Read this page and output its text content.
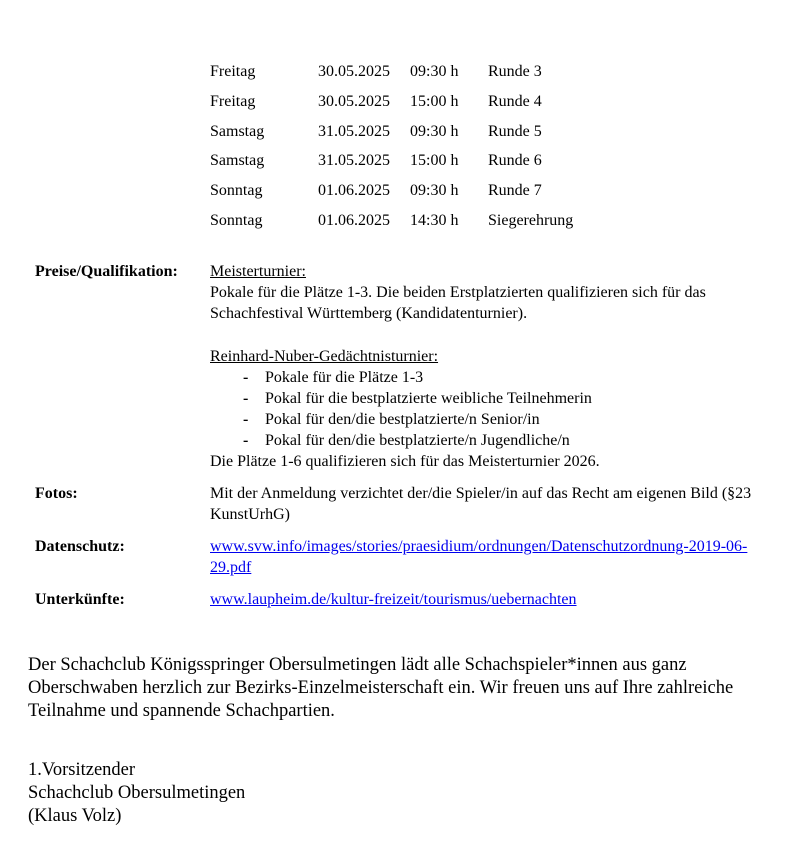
Freitag	30.05.2025	09:30 h	Runde 3
Freitag	30.05.2025	15:00 h	Runde 4
Samstag	31.05.2025	09:30 h	Runde 5
Samstag	31.05.2025	15:00 h	Runde 6
Sonntag	01.06.2025	09:30 h	Runde 7
Sonntag	01.06.2025	14:30 h	Siegerehrung
Preise/Qualifikation:	Meisterturnier:
Pokale für die Plätze 1-3. Die beiden Erstplatzierten qualifizieren sich für das Schachfestival Württemberg (Kandidatenturnier).
Reinhard-Nuber-Gedächtnisturnier:
-	Pokale für die Plätze 1-3
-	Pokal für die bestplatzierte weibliche Teilnehmerin
-	Pokal für den/die bestplatzierte/n Senior/in
-	Pokal für den/die bestplatzierte/n Jugendliche/n
Die Plätze 1-6 qualifizieren sich für das Meisterturnier 2026.
Fotos:	Mit der Anmeldung verzichtet der/die Spieler/in auf das Recht am eigenen Bild (§23 KunstUrhG)
Datenschutz:	www.svw.info/images/stories/praesidium/ordnungen/Datenschutzordnung-2019-06-29.pdf
Unterkünfte:	www.laupheim.de/kultur-freizeit/tourismus/uebernachten

Der Schachclub Königsspringer Obersulmetingen lädt alle Schachspieler*innen aus ganz Oberschwaben herzlich zur Bezirks-Einzelmeisterschaft ein. Wir freuen uns auf Ihre zahlreiche Teilnahme und spannende Schachpartien.

1.Vorsitzender
Schachclub Obersulmetingen
(Klaus Volz)
